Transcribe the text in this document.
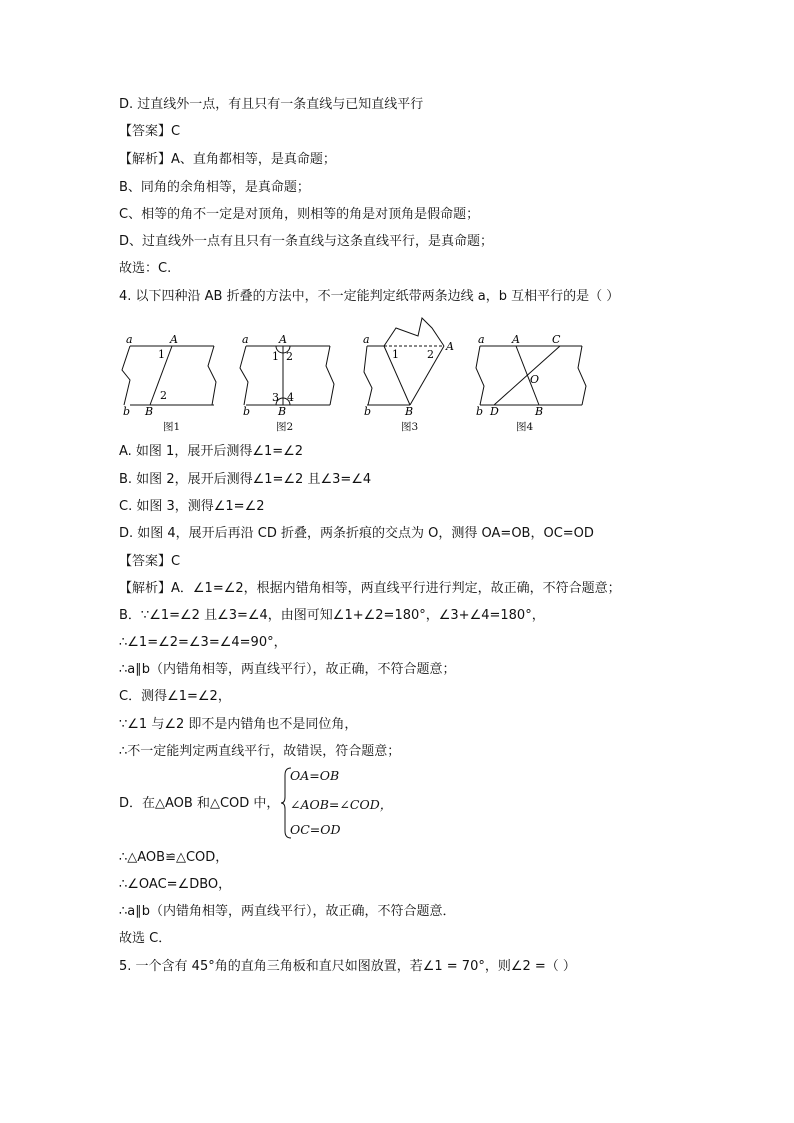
D. 过直线外一点，有且只有一条直线与已知直线平行
【答案】C
【解析】A、直角都相等，是真命题；
B、同角的余角相等，是真命题；
C、相等的角不一定是对顶角，则相等的角是对顶角是假命题；
D、过直线外一点有且只有一条直线与这条直线平行，是真命题；
故选：C.
4. 以下四种沿 AB 折叠的方法中，不一定能判定纸带两条边线 a，b 互相平行的是（ ）
a	A
1
2
b B
a	A
1 2
3 4
b	B
a
1	2
A
b	B
a A	C
O
b D	B
图1	图2	图3	图4
A. 如图 1，展开后测得∠1=∠2
B. 如图 2，展开后测得∠1=∠2 且∠3=∠4
C. 如图 3，测得∠1=∠2
D. 如图 4，展开后再沿 CD 折叠，两条折痕的交点为 O，测得 OA=OB，OC=OD
【答案】C
【解析】A．∠1=∠2，根据内错角相等，两直线平行进行判定，故正确，不符合题意；
B．∵∠1=∠2 且∠3=∠4，由图可知∠1+∠2=180°，∠3+∠4=180°，
∴∠1=∠2=∠3=∠4=90°，
∴a∥b（内错角相等，两直线平行），故正确，不符合题意；
C．测得∠1=∠2，
∵∠1 与∠2 即不是内错角也不是同位角，
∴不一定能判定两直线平行，故错误，符合题意；
D．在△AOB 和△COD 中，
OA=OB
∠AOB=∠COD，
OC=OD
∴△AOB≌△COD，
∴∠OAC=∠DBO，
∴a∥b（内错角相等，两直线平行），故正确，不符合题意．
故选 C．
5. 一个含有 45°角的直角三角板和直尺如图放置，若∠1 = 70°，则∠2 =（ ）
